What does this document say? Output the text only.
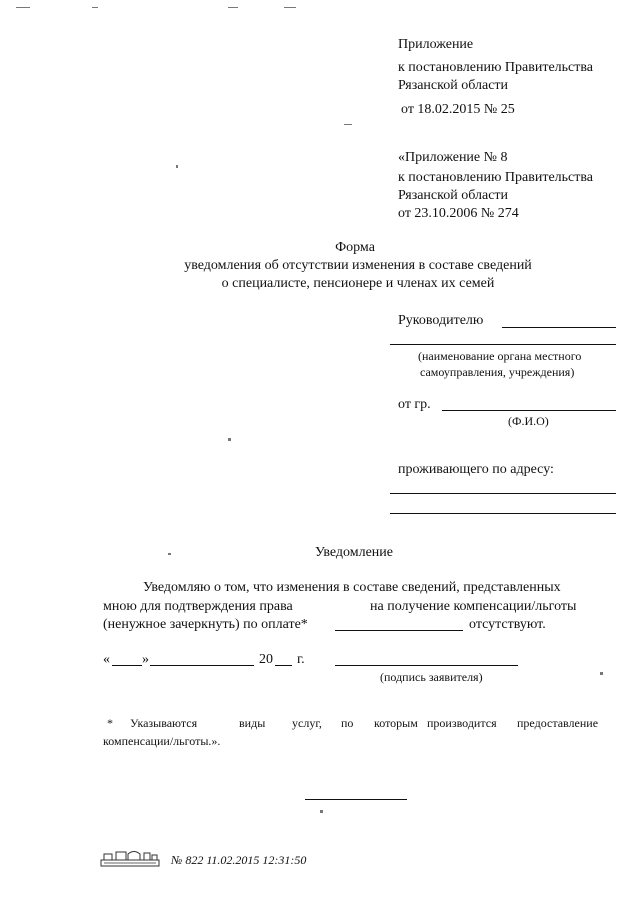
Приложение
к постановлению Правительства
Рязанской области
от 18.02.2015 № 25
«Приложение № 8
к постановлению Правительства
Рязанской области
от 23.10.2006 № 274
Форма
уведомления об отсутствии изменения в составе сведений
о специалисте, пенсионере и членах их семей
Руководителю
(наименование органа местного
самоуправления, учреждения)
от гр.
(Ф.И.О)
проживающего по адресу:
Уведомление
Уведомляю о том, что изменения в составе сведений, представленных
мною для подтверждения права	на получение компенсации/льготы
(ненужное зачеркнуть) по оплате*	отсутствуют.
« »	20 г.
(подпись заявителя)
* Указываются	виды услуг, по которым производится предоставление
компенсации/льготы.».
№ 822 11.02.2015 12:31:50
